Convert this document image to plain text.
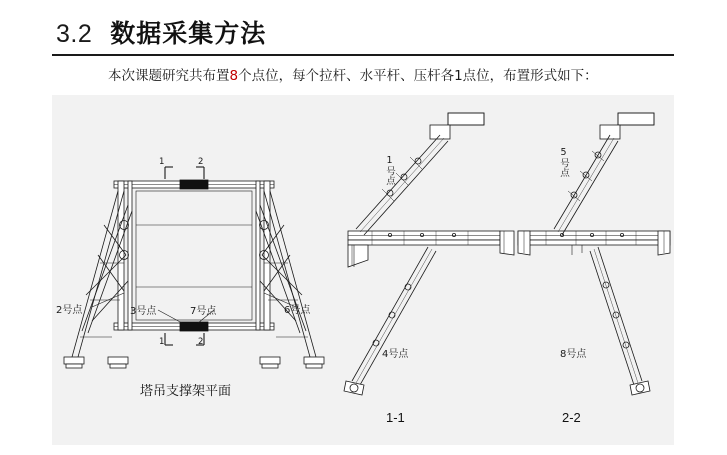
3.2 数据采集方法
本次课题研究共布置8个点位，每个拉杆、水平杆、压杆各1点位，布置形式如下：
2号点	3号点	7号点	6号点
1	2
1	2
塔吊支撑架平面
1号点
4号点
1-1
5号点
8号点
2-2
